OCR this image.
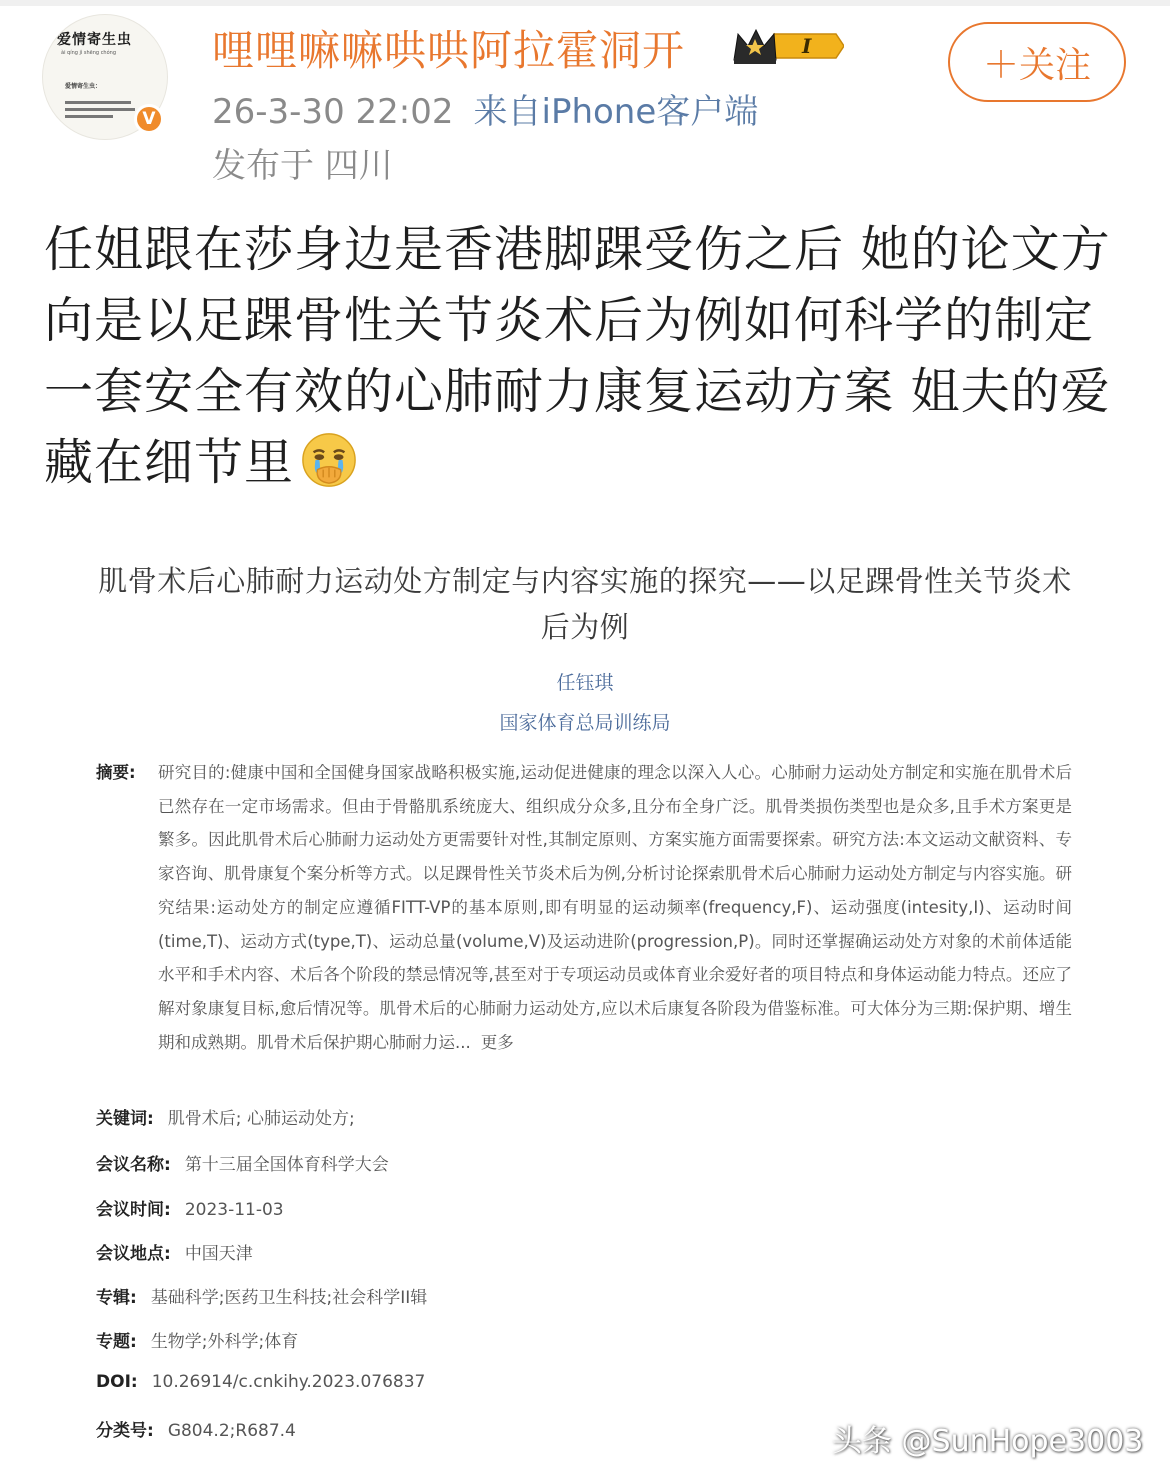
爱情寄生虫
ài qíng jì shēng chóng
爱情寄生虫：
V
哩哩嘛嘛哄哄阿拉霍洞开	I
26-3-30 22:02 来自iPhone客户端
发布于 四川
＋关注
任姐跟在莎身边是香港脚踝受伤之后 她的论文方向是以足踝骨性关节炎术后为例如何科学的制定一套安全有效的心肺耐力康复运动方案 姐夫的爱藏在细节里
肌骨术后心肺耐力运动处方制定与内容实施的探究——以足踝骨性关节炎术后为例
任钰琪
国家体育总局训练局
摘要: 研究目的:健康中国和全国健身国家战略积极实施,运动促进健康的理念以深入人心。心肺耐力运动处方制定和实施在肌骨术后已然存在一定市场需求。但由于骨骼肌系统庞大、组织成分众多,且分布全身广泛。肌骨类损伤类型也是众多,且手术方案更是繁多。因此肌骨术后心肺耐力运动处方更需要针对性,其制定原则、方案实施方面需要探索。研究方法:本文运动文献资料、专家咨询、肌骨康复个案分析等方式。以足踝骨性关节炎术后为例,分析讨论探索肌骨术后心肺耐力运动处方制定与内容实施。研究结果:运动处方的制定应遵循FITT-VP的基本原则,即有明显的运动频率(frequency,F)、运动强度(intesity,I)、运动时间(time,T)、运动方式(type,T)、运动总量(volume,V)及运动进阶(progression,P)。同时还掌握确运动处方对象的术前体适能水平和手术内容、术后各个阶段的禁忌情况等,甚至对于专项运动员或体育业余爱好者的项目特点和身体运动能力特点。还应了解对象康复目标,愈后情况等。肌骨术后的心肺耐力运动处方,应以术后康复各阶段为借鉴标准。可大体分为三期:保护期、增生期和成熟期。肌骨术后保护期心肺耐力运... 更多
关键词: 肌骨术后; 心肺运动处方;
会议名称: 第十三届全国体育科学大会
会议时间: 2023-11-03
会议地点: 中国天津
专辑: 基础科学;医药卫生科技;社会科学II辑
专题: 生物学;外科学;体育
DOI: 10.26914/c.cnkihy.2023.076837
分类号: G804.2;R687.4	头条 @SunHope3003
